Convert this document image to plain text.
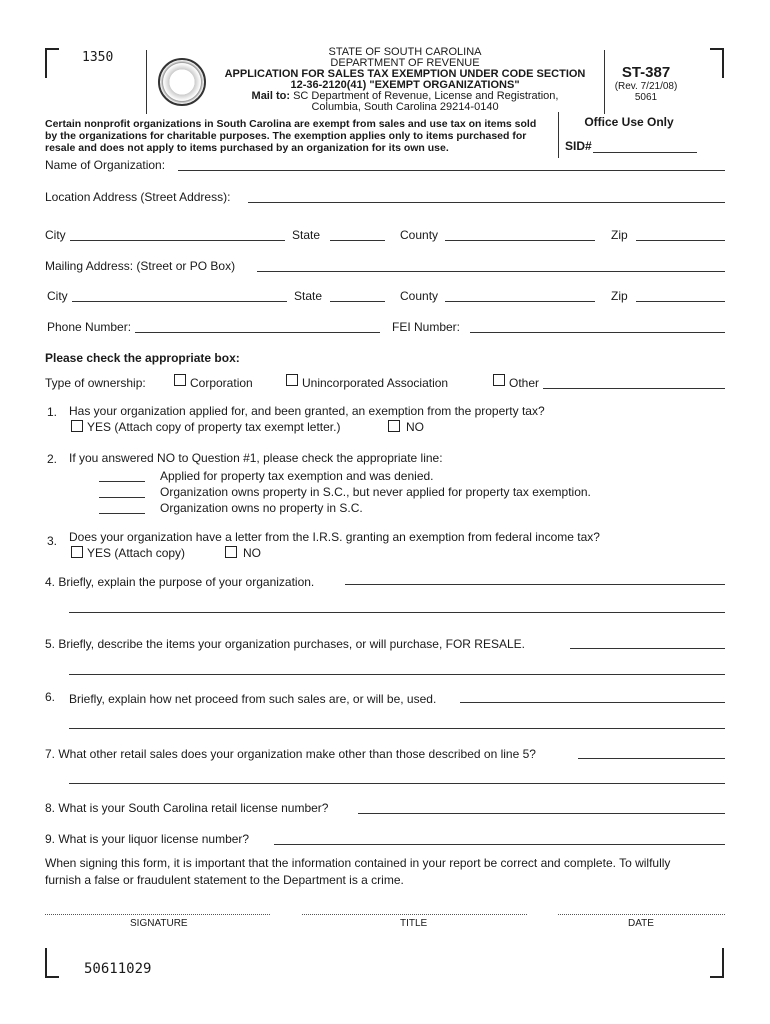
1350	STATE OF SOUTH CAROLINA
DEPARTMENT OF REVENUE
APPLICATION FOR SALES TAX EXEMPTION UNDER CODE SECTION
12-36-2120(41) "EXEMPT ORGANIZATIONS"
Mail to: SC Department of Revenue, License and Registration,
Columbia, South Carolina 29214-0140
ST-387
(Rev. 7/21/08)
5061
Office Use Only
SID#
Certain nonprofit organizations in South Carolina are exempt from sales and use tax on items sold
by the organizations for charitable purposes. The exemption applies only to items purchased for
resale and does not apply to items purchased by an organization for its own use.
Name of Organization:
Location Address (Street Address):
City	State	County	Zip
Mailing Address: (Street or PO Box)
City	State	County	Zip
Phone Number:	FEI Number:
Please check the appropriate box:
Type of ownership:	Corporation	Unincorporated Association	Other
1. Has your organization applied for, and been granted, an exemption from the property tax?
YES (Attach copy of property tax exempt letter.)	NO
2. If you answered NO to Question #1, please check the appropriate line:
Applied for property tax exemption and was denied.
Organization owns property in S.C., but never applied for property tax exemption.
Organization owns no property in S.C.
3. Does your organization have a letter from the I.R.S. granting an exemption from federal income tax?
YES (Attach copy)	NO
4. Briefly, explain the purpose of your organization.
5. Briefly, describe the items your organization purchases, or will purchase, FOR RESALE.
6. Briefly, explain how net proceed from such sales are, or will be, used.
7. What other retail sales does your organization make other than those described on line 5?
8. What is your South Carolina retail license number?
9. What is your liquor license number?
When signing this form, it is important that the information contained in your report be correct and complete. To wilfully
furnish a false or fraudulent statement to the Department is a crime.
SIGNATURE	TITLE	DATE
50611029
